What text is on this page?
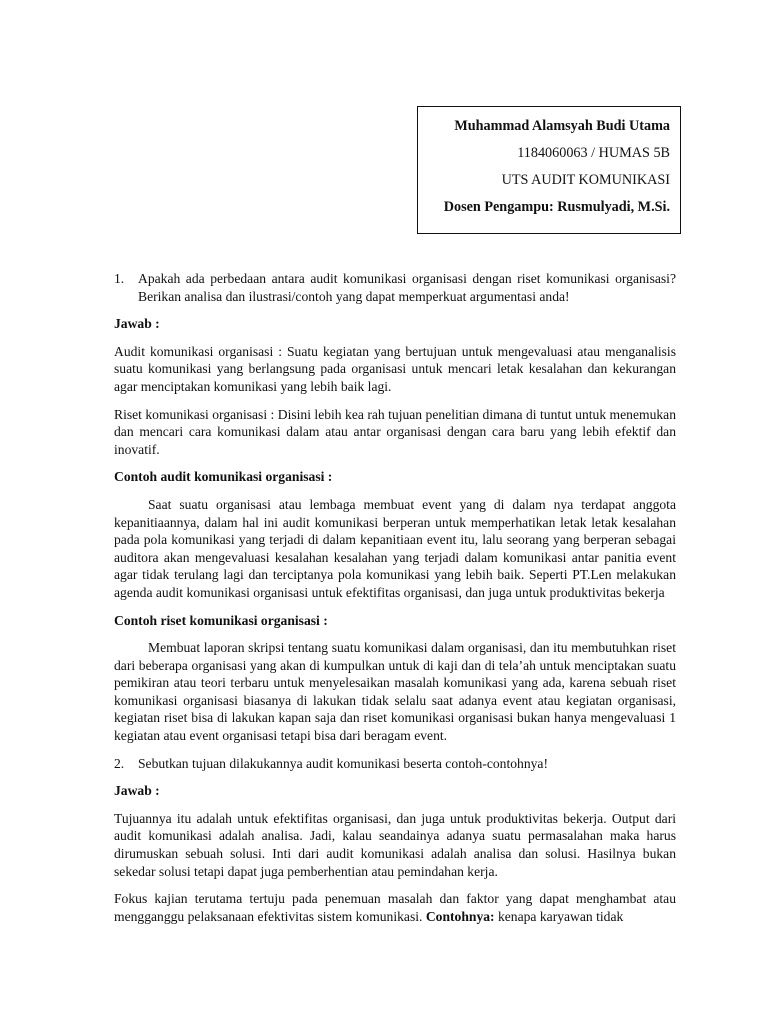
Muhammad Alamsyah Budi Utama
1184060063 / HUMAS 5B
UTS AUDIT KOMUNIKASI
Dosen Pengampu: Rusmulyadi, M.Si.
1.	Apakah ada perbedaan antara audit komunikasi organisasi dengan riset komunikasi organisasi? Berikan analisa dan ilustrasi/contoh yang dapat memperkuat argumentasi anda!

Jawab :

Audit komunikasi organisasi : Suatu kegiatan yang bertujuan untuk mengevaluasi atau menganalisis suatu komunikasi yang berlangsung pada organisasi untuk mencari letak kesalahan dan kekurangan agar menciptakan komunikasi yang lebih baik lagi.

Riset komunikasi organisasi : Disini lebih kea rah tujuan penelitian dimana di tuntut untuk menemukan dan mencari cara komunikasi dalam atau antar organisasi dengan cara baru yang lebih efektif dan inovatif.

Contoh audit komunikasi organisasi :

Saat suatu organisasi atau lembaga membuat event yang di dalam nya terdapat anggota kepanitiaannya, dalam hal ini audit komunikasi berperan untuk memperhatikan letak letak kesalahan pada pola komunikasi yang terjadi di dalam kepanitiaan event itu, lalu seorang yang berperan sebagai auditora akan mengevaluasi kesalahan kesalahan yang terjadi dalam komunikasi antar panitia event agar tidak terulang lagi dan terciptanya pola komunikasi yang lebih baik. Seperti PT.Len melakukan agenda audit komunikasi organisasi untuk efektifitas organisasi, dan juga untuk produktivitas bekerja

Contoh riset komunikasi organisasi :

Membuat laporan skripsi tentang suatu komunikasi dalam organisasi, dan itu membutuhkan riset dari beberapa organisasi yang akan di kumpulkan untuk di kaji dan di tela’ah untuk menciptakan suatu pemikiran atau teori terbaru untuk menyelesaikan masalah komunikasi yang ada, karena sebuah riset komunikasi organisasi biasanya di lakukan tidak selalu saat adanya event atau kegiatan organisasi, kegiatan riset bisa di lakukan kapan saja dan riset komunikasi organisasi bukan hanya mengevaluasi 1 kegiatan atau event organisasi tetapi bisa dari beragam event.

2.	Sebutkan tujuan dilakukannya audit komunikasi beserta contoh-contohnya!

Jawab :

Tujuannya itu adalah untuk efektifitas organisasi, dan juga untuk produktivitas bekerja. Output dari audit komunikasi adalah analisa. Jadi, kalau seandainya adanya suatu permasalahan maka harus dirumuskan sebuah solusi. Inti dari audit komunikasi adalah analisa dan solusi. Hasilnya bukan sekedar solusi tetapi dapat juga pemberhentian atau pemindahan kerja.

Fokus kajian terutama tertuju pada penemuan masalah dan faktor yang dapat menghambat atau mengganggu pelaksanaan efektivitas sistem komunikasi. Contohnya: kenapa karyawan tidak
